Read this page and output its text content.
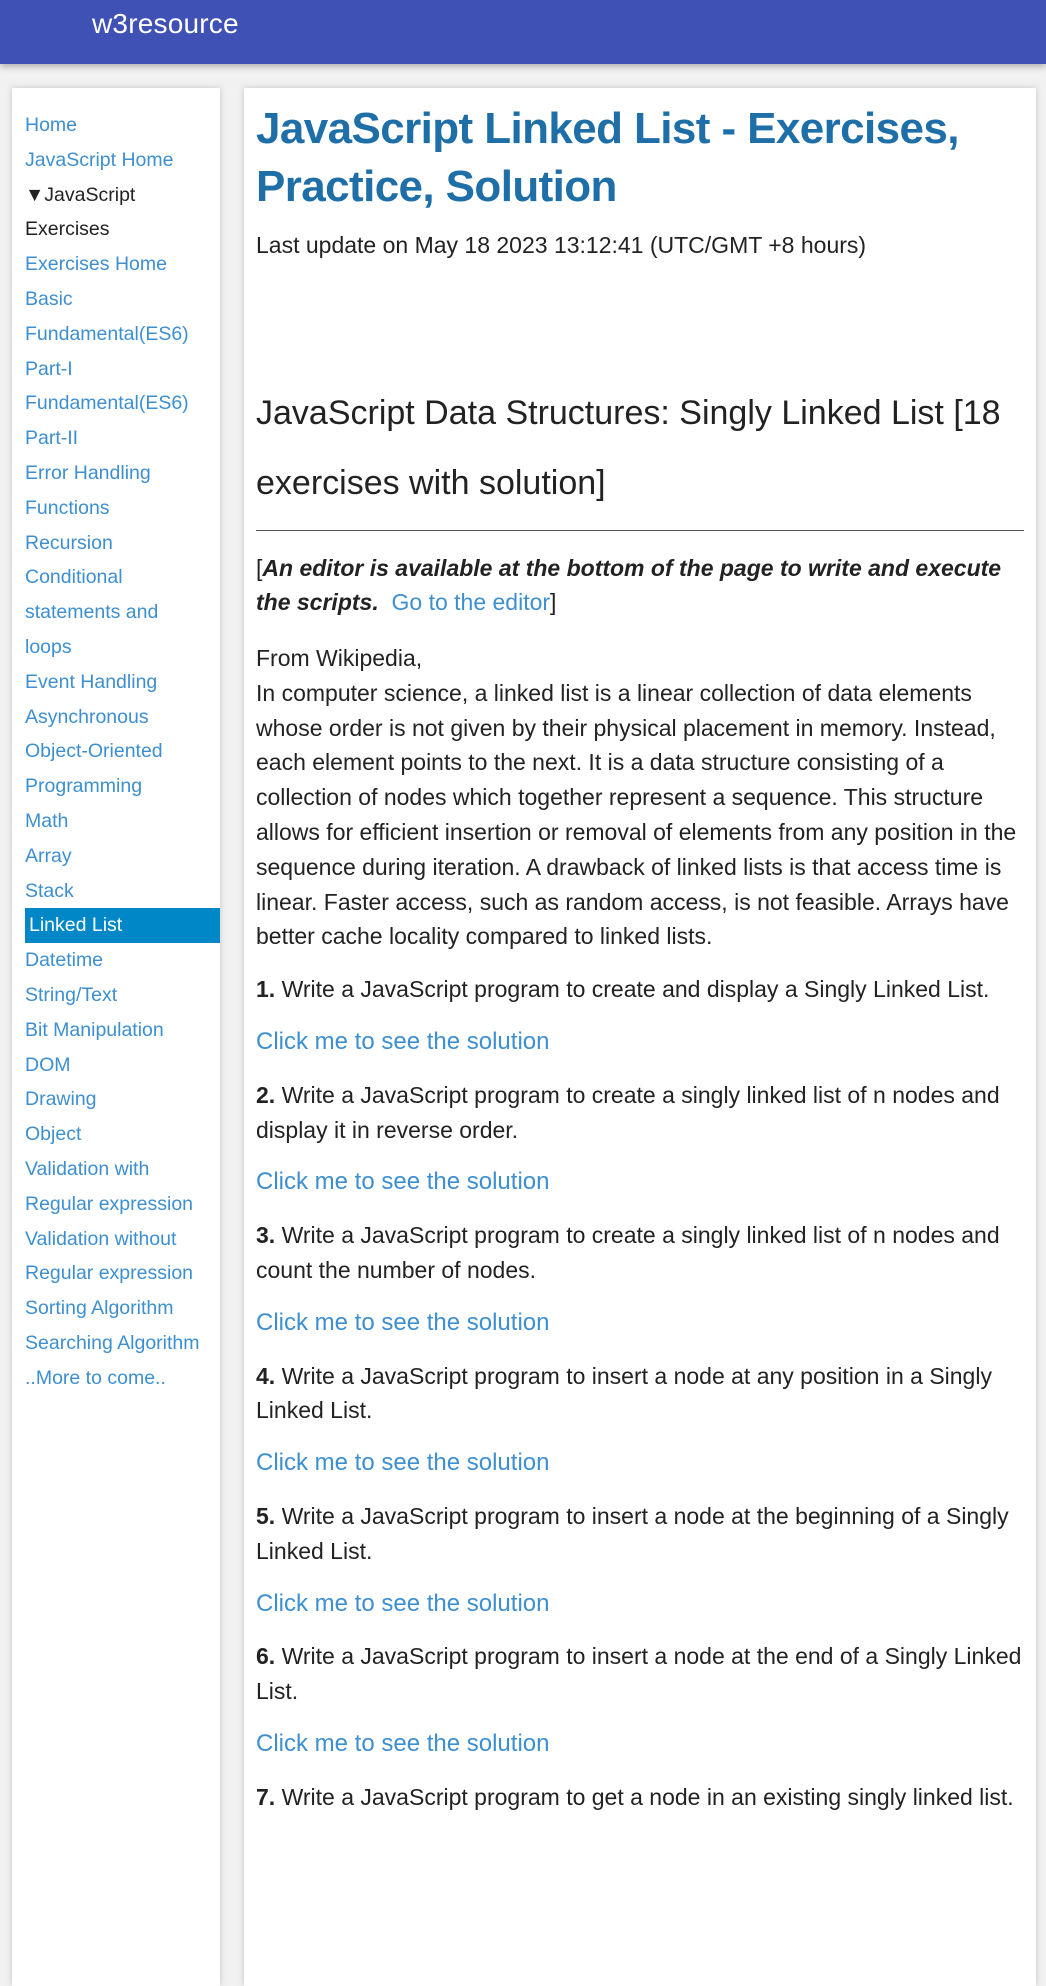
w3resource
Home
JavaScript Home
▼JavaScript
Exercises
Exercises Home
Basic
Fundamental(ES6)
Part-I
Fundamental(ES6)
Part-II
Error Handling
Functions
Recursion
Conditional
statements and
loops
Event Handling
Asynchronous
Object-Oriented
Programming
Math
Array
Stack
Linked List
Datetime
String/Text
Bit Manipulation
DOM
Drawing
Object
Validation with
Regular expression
Validation without
Regular expression
Sorting Algorithm
Searching Algorithm
..More to come..
JavaScript Linked List - Exercises, Practice, Solution

Last update on May 18 2023 13:12:41 (UTC/GMT +8 hours)

JavaScript Data Structures: Singly Linked List [18 exercises with solution]

[An editor is available at the bottom of the page to write and execute the scripts. Go to the editor]

From Wikipedia,
In computer science, a linked list is a linear collection of data elements whose order is not given by their physical placement in memory. Instead, each element points to the next. It is a data structure consisting of a collection of nodes which together represent a sequence. This structure allows for efficient insertion or removal of elements from any position in the sequence during iteration. A drawback of linked lists is that access time is linear. Faster access, such as random access, is not feasible. Arrays have better cache locality compared to linked lists.

1. Write a JavaScript program to create and display a Singly Linked List.

Click me to see the solution

2. Write a JavaScript program to create a singly linked list of n nodes and display it in reverse order.

Click me to see the solution

3. Write a JavaScript program to create a singly linked list of n nodes and count the number of nodes.

Click me to see the solution

4. Write a JavaScript program to insert a node at any position in a Singly Linked List.

Click me to see the solution

5. Write a JavaScript program to insert a node at the beginning of a Singly Linked List.

Click me to see the solution

6. Write a JavaScript program to insert a node at the end of a Singly Linked List.

Click me to see the solution

7. Write a JavaScript program to get a node in an existing singly linked list.
